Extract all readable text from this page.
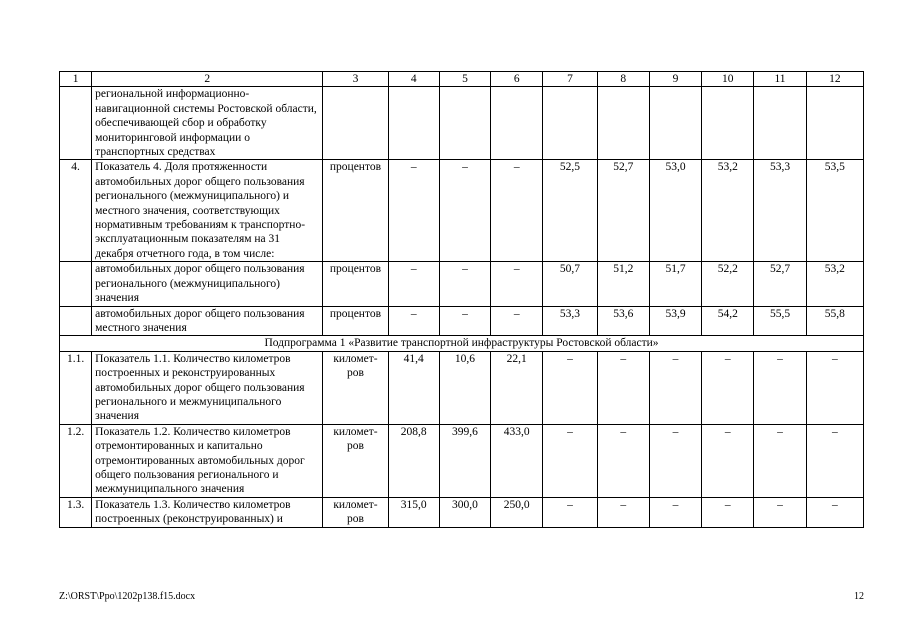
1	2	3	4	5	6	7	8	9	10	11	12
	региональной информационно-навигационной системы Ростовской области, обеспечивающей сбор и обработку мониторинговой информации о транспортных средствах										
4.	Показатель 4. Доля протяженности автомобильных дорог общего пользования регионального (межмуниципального) и местного значения, соответствующих нормативным требованиям к транспортно-эксплуатационным показателям на 31 декабря отчетного года, в том числе:	процентов	–	–	–	52,5	52,7	53,0	53,2	53,3	53,5
	автомобильных дорог общего пользования регионального (межмуниципального) значения	процентов	–	–	–	50,7	51,2	51,7	52,2	52,7	53,2
	автомобильных дорог общего пользования местного значения	процентов	–	–	–	53,3	53,6	53,9	54,2	55,5	55,8
Подпрограмма 1 «Развитие транспортной инфраструктуры Ростовской области»											
1.1.	Показатель 1.1. Количество километров построенных и реконструированных автомобильных дорог общего пользования регионального и межмуниципального значения	километ-ров	41,4	10,6	22,1	–	–	–	–	–	–
1.2.	Показатель 1.2. Количество километров отремонтированных и капитально отремонтированных автомобильных дорог общего пользования регионального и межмуниципального значения	километ-ров	208,8	399,6	433,0	–	–	–	–	–	–
1.3.	Показатель 1.3. Количество километров построенных (реконструированных) и	километ-ров	315,0	300,0	250,0	–	–	–	–	–	–
Z:\ORST\Ppo\1202p138.f15.docx	12
